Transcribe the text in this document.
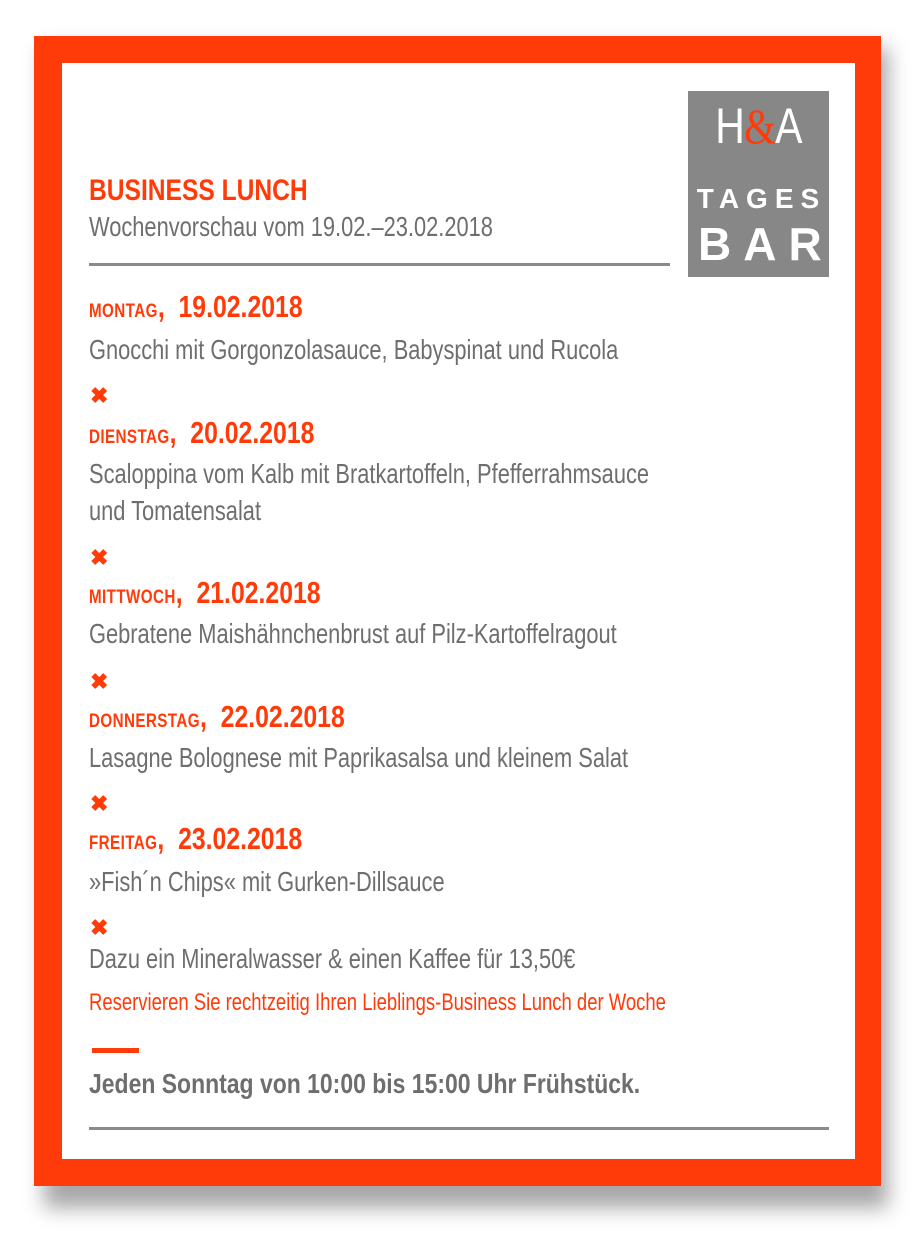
H&A
TAGES
BAR
BUSINESS LUNCH
Wochenvorschau vom 19.02.–23.02.2018
MONTAG,  19.02.2018
Gnocchi mit Gorgonzolasauce, Babyspinat und Rucola
✖
DIENSTAG,  20.02.2018
Scaloppina vom Kalb mit Bratkartoffeln, Pfefferrahmsauce
und Tomatensalat
✖
MITTWOCH,  21.02.2018
Gebratene Maishähnchenbrust auf Pilz-Kartoffelragout
✖
DONNERSTAG,  22.02.2018
Lasagne Bolognese mit Paprikasalsa und kleinem Salat
✖
FREITAG,  23.02.2018
»Fish´n Chips« mit Gurken-Dillsauce
✖
Dazu ein Mineralwasser & einen Kaffee für 13,50€
Reservieren Sie rechtzeitig Ihren Lieblings-Business Lunch der Woche
Jeden Sonntag von 10:00 bis 15:00 Uhr Frühstück.
